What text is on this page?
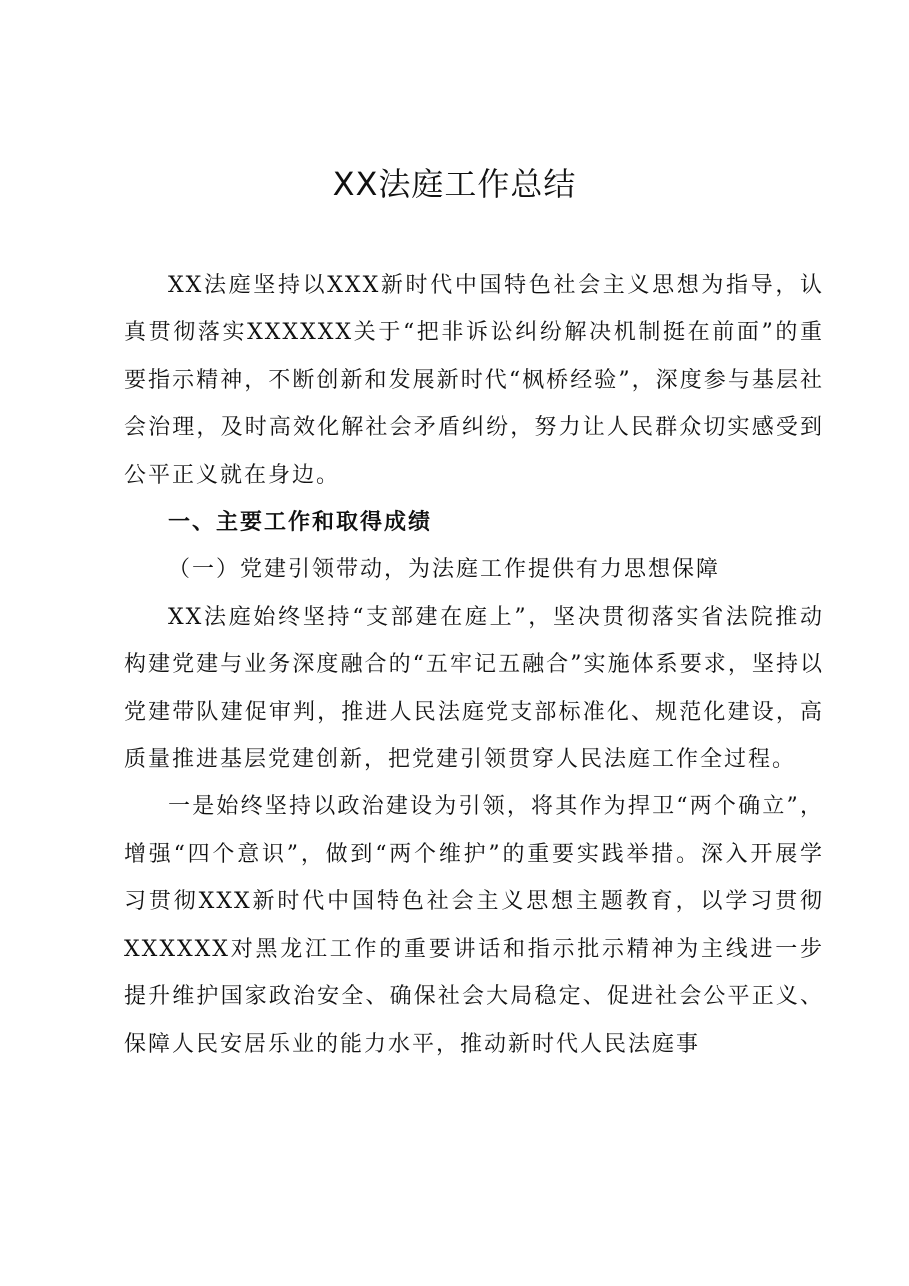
XX法庭工作总结

XX法庭坚持以XXX新时代中国特色社会主义思想为指导，认真贯彻落实XXXXXX关于“把非诉讼纠纷解决机制挺在前面”的重要指示精神，不断创新和发展新时代“枫桥经验”，深度参与基层社会治理，及时高效化解社会矛盾纠纷，努力让人民群众切实感受到公平正义就在身边。

一、主要工作和取得成绩

（一）党建引领带动，为法庭工作提供有力思想保障

XX法庭始终坚持“支部建在庭上”，坚决贯彻落实省法院推动构建党建与业务深度融合的“五牢记五融合”实施体系要求，坚持以党建带队建促审判，推进人民法庭党支部标准化、规范化建设，高质量推进基层党建创新，把党建引领贯穿人民法庭工作全过程。

一是始终坚持以政治建设为引领，将其作为捍卫“两个确立”，增强“四个意识”，做到“两个维护”的重要实践举措。深入开展学习贯彻XXX新时代中国特色社会主义思想主题教育，以学习贯彻XXXXXX对黑龙江工作的重要讲话和指示批示精神为主线进一步提升维护国家政治安全、确保社会大局稳定、促进社会公平正义、保障人民安居乐业的能力水平，推动新时代人民法庭事
